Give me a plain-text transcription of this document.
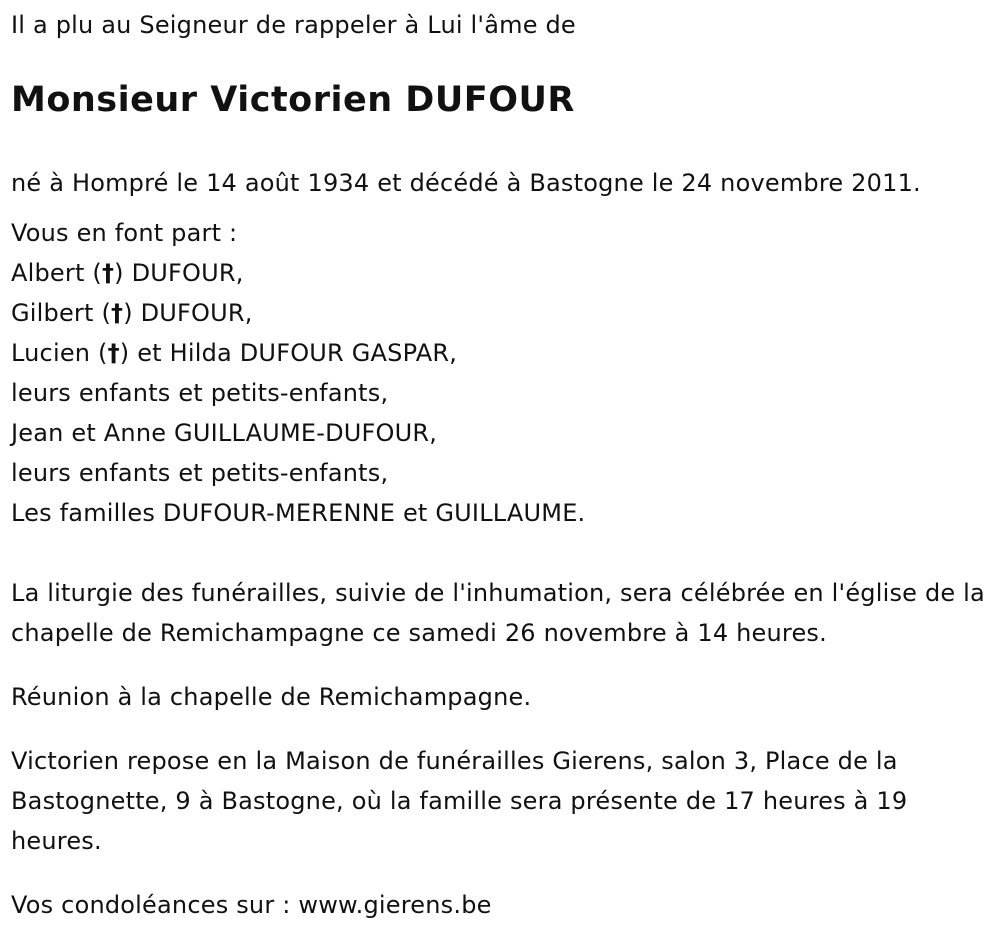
Il a plu au Seigneur de rappeler à Lui l'âme de

Monsieur Victorien DUFOUR

né à Hompré le 14 août 1934 et décédé à Bastogne le 24 novembre 2011.

Vous en font part :
Albert (†) DUFOUR,
Gilbert (†) DUFOUR,
Lucien (†) et Hilda DUFOUR GASPAR,
leurs enfants et petits-enfants,
Jean et Anne GUILLAUME-DUFOUR,
leurs enfants et petits-enfants,
Les familles DUFOUR-MERENNE et GUILLAUME.

La liturgie des funérailles, suivie de l'inhumation, sera célébrée en l'église de la chapelle de Remichampagne ce samedi 26 novembre à 14 heures.

Réunion à la chapelle de Remichampagne.

Victorien repose en la Maison de funérailles Gierens, salon 3, Place de la Bastognette, 9 à Bastogne, où la famille sera présente de 17 heures à 19 heures.

Vos condoléances sur : www.gierens.be
